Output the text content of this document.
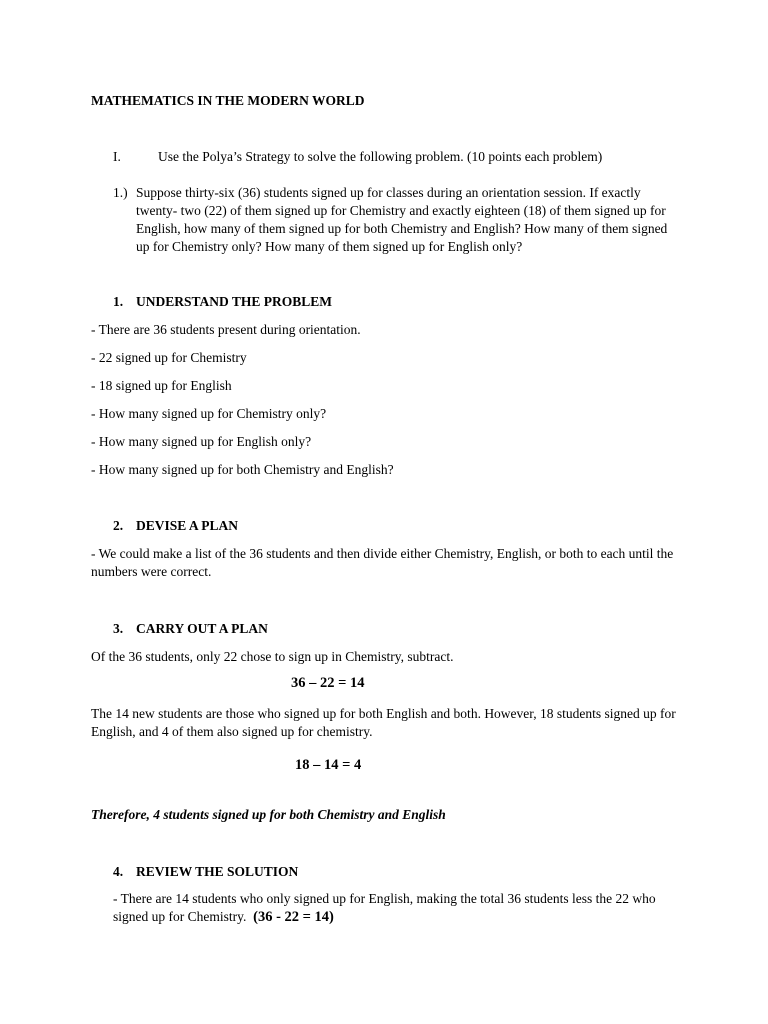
MATHEMATICS IN THE MODERN WORLD
I.	Use the Polya’s Strategy to solve the following problem. (10 points each problem)
1.) Suppose thirty-six (36) students signed up for classes during an orientation session. If exactly twenty- two (22) of them signed up for Chemistry and exactly eighteen (18) of them signed up for English, how many of them signed up for both Chemistry and English? How many of them signed up for Chemistry only? How many of them signed up for English only?
1. UNDERSTAND THE PROBLEM
- There are 36 students present during orientation.
- 22 signed up for Chemistry
- 18 signed up for English
- How many signed up for Chemistry only?
- How many signed up for English only?
- How many signed up for both Chemistry and English?
2. DEVISE A PLAN
- We could make a list of the 36 students and then divide either Chemistry, English, or both to each until the numbers were correct.
3. CARRY OUT A PLAN
Of the 36 students, only 22 chose to sign up in Chemistry, subtract.
36 – 22 = 14
The 14 new students are those who signed up for both English and both. However, 18 students signed up for English, and 4 of them also signed up for chemistry.
18 – 14 = 4
Therefore, 4 students signed up for both Chemistry and English
4. REVIEW THE SOLUTION
- There are 14 students who only signed up for English, making the total 36 students less the 22 who signed up for Chemistry. (36 - 22 = 14)
